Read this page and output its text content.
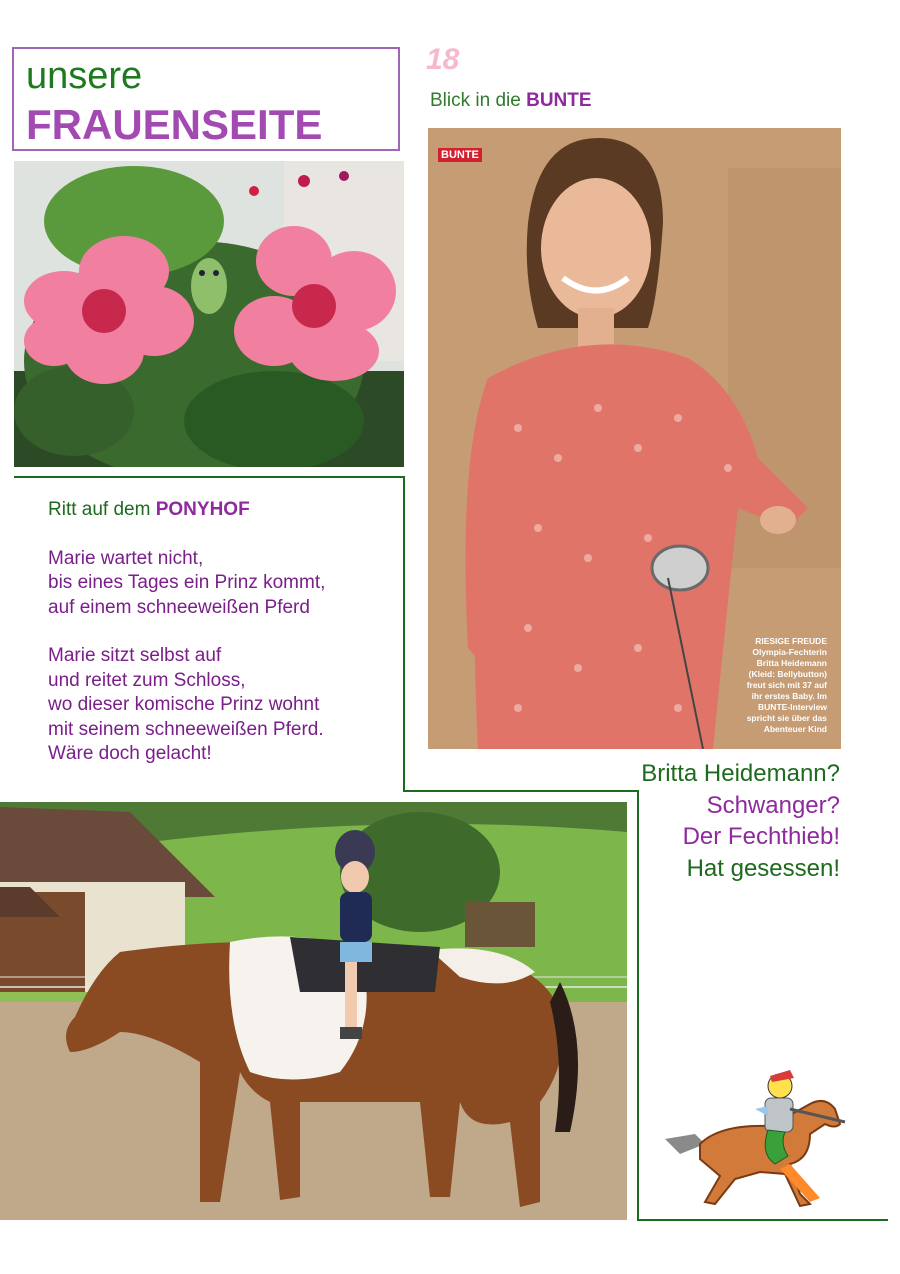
unsere
FRAUENSEITE
18
Blick in die BUNTE
BUNTE
RIESIGE FREUDE
Olympia-Fechterin
Britta Heidemann
(Kleid: Bellybutton)
freut sich mit 37 auf
ihr erstes Baby. Im
BUNTE-Interview
spricht sie über das
Abenteuer Kind
Ritt auf dem PONYHOF
Marie wartet nicht,
bis eines Tages ein Prinz kommt,
auf einem schneeweißen Pferd
Marie sitzt selbst auf
und reitet zum Schloss,
wo dieser komische Prinz wohnt
mit seinem schneeweißen Pferd.
Wäre doch gelacht!
Britta Heidemann?
Schwanger?
Der Fechthieb!
Hat gesessen!
